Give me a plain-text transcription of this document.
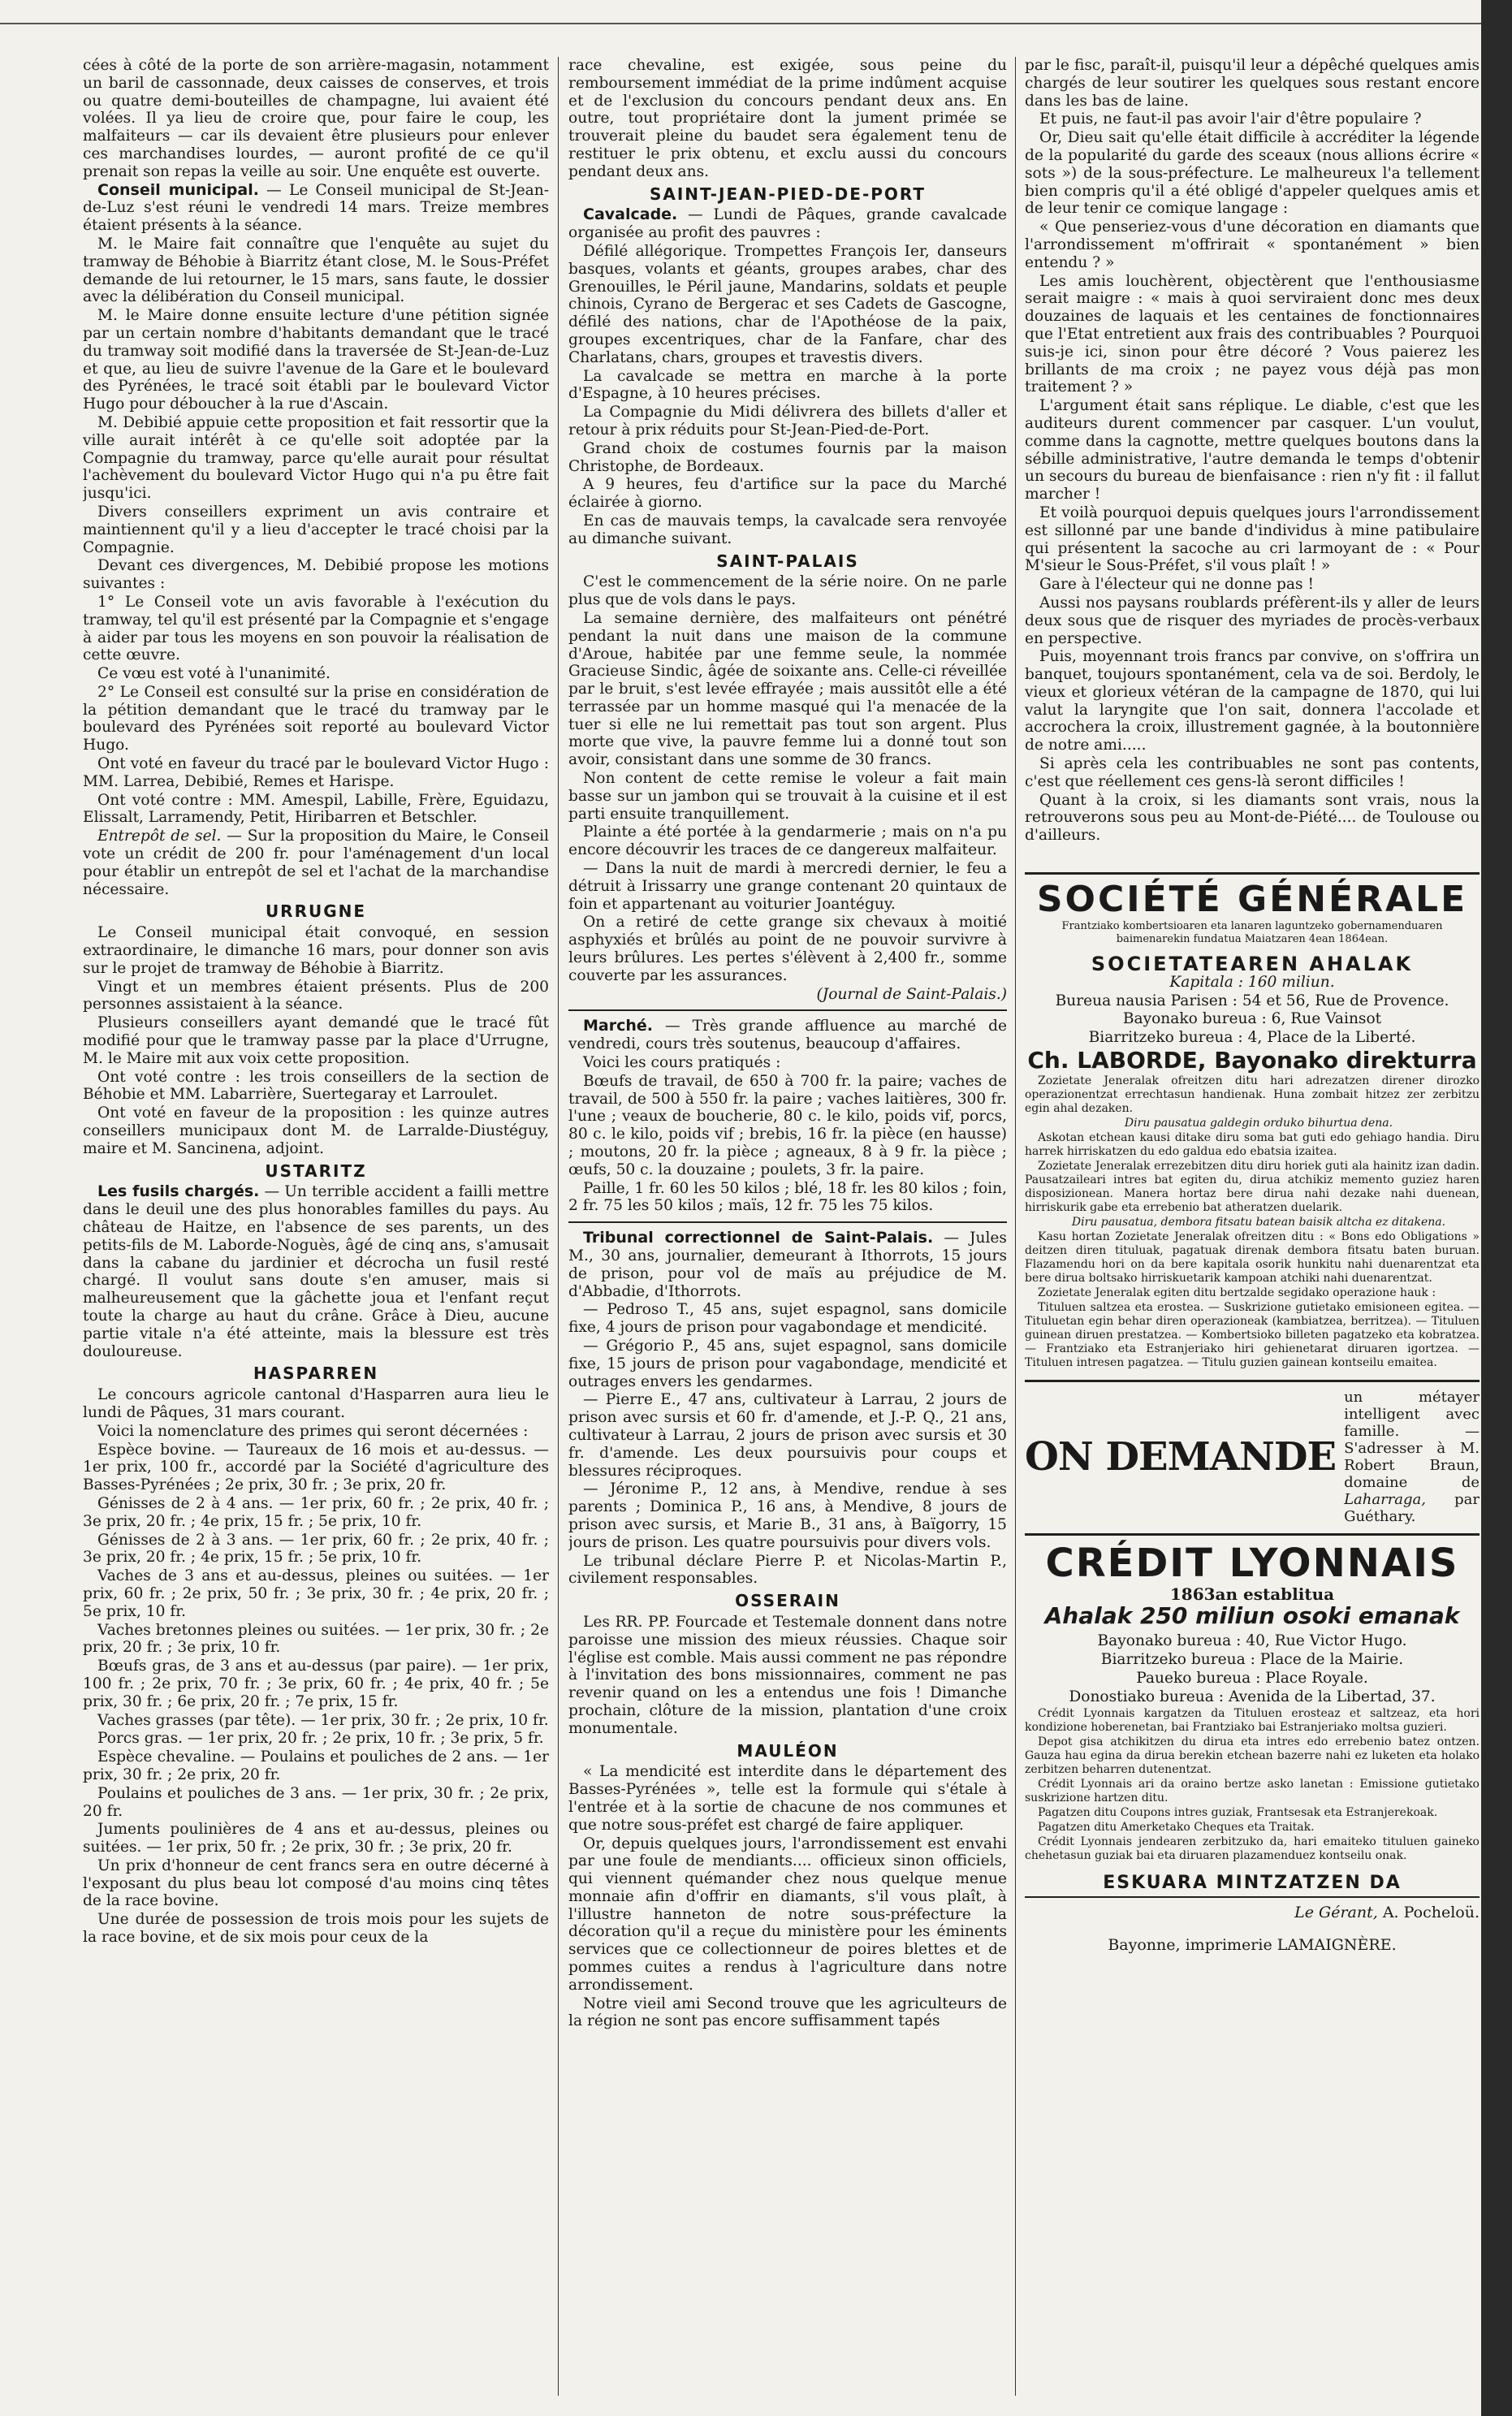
cées à côté de la porte de son arrière-magasin, notamment un baril de cassonnade, deux caisses de conserves, et trois ou quatre demi-bouteilles de champagne, lui avaient été volées. Il ya lieu de croire que, pour faire le coup, les malfaiteurs — car ils devaient être plusieurs pour enlever ces marchandises lourdes, — auront profité de ce qu'il prenait son repas la veille au soir. Une enquête est ouverte.

Conseil municipal. — Le Conseil municipal de St-Jean-de-Luz s'est réuni le vendredi 14 mars. Treize membres étaient présents à la séance.

M. le Maire fait connaître que l'enquête au sujet du tramway de Béhobie à Biarritz étant close, M. le Sous-Préfet demande de lui retourner, le 15 mars, sans faute, le dossier avec la délibération du Conseil municipal.

M. le Maire donne ensuite lecture d'une pétition signée par un certain nombre d'habitants demandant que le tracé du tramway soit modifié dans la traversée de St-Jean-de-Luz et que, au lieu de suivre l'avenue de la Gare et le boulevard des Pyrénées, le tracé soit établi par le boulevard Victor Hugo pour déboucher à la rue d'Ascain.

M. Debibié appuie cette proposition et fait ressortir que la ville aurait intérêt à ce qu'elle soit adoptée par la Compagnie du tramway, parce qu'elle aurait pour résultat l'achèvement du boulevard Victor Hugo qui n'a pu être fait jusqu'ici.

Divers conseillers expriment un avis contraire et maintiennent qu'il y a lieu d'accepter le tracé choisi par la Compagnie.

Devant ces divergences, M. Debibié propose les motions suivantes :

1° Le Conseil vote un avis favorable à l'exécution du tramway, tel qu'il est présenté par la Compagnie et s'engage à aider par tous les moyens en son pouvoir la réalisation de cette œuvre.

Ce vœu est voté à l'unanimité.

2° Le Conseil est consulté sur la prise en considération de la pétition demandant que le tracé du tramway par le boulevard des Pyrénées soit reporté au boulevard Victor Hugo.

Ont voté en faveur du tracé par le boulevard Victor Hugo : MM. Larrea, Debibié, Remes et Harispe.

Ont voté contre : MM. Amespil, Labille, Frère, Eguidazu, Elissalt, Larramendy, Petit, Hiribarren et Betschler.

Entrepôt de sel. — Sur la proposition du Maire, le Conseil vote un crédit de 200 fr. pour l'aménagement d'un local pour établir un entrepôt de sel et l'achat de la marchandise nécessaire.

URRUGNE

Le Conseil municipal était convoqué, en session extraordinaire, le dimanche 16 mars, pour donner son avis sur le projet de tramway de Béhobie à Biarritz.

Vingt et un membres étaient présents. Plus de 200 personnes assistaient à la séance.

Plusieurs conseillers ayant demandé que le tracé fût modifié pour que le tramway passe par la place d'Urrugne, M. le Maire mit aux voix cette proposition.

Ont voté contre : les trois conseillers de la section de Béhobie et MM. Labarrière, Suertegaray et Larroulet.

Ont voté en faveur de la proposition : les quinze autres conseillers municipaux dont M. de Larralde-Diustéguy, maire et M. Sancinena, adjoint.

USTARITZ

Les fusils chargés. — Un terrible accident a failli mettre dans le deuil une des plus honorables familles du pays. Au château de Haitze, en l'absence de ses parents, un des petits-fils de M. Laborde-Noguès, âgé de cinq ans, s'amusait dans la cabane du jardinier et décrocha un fusil resté chargé. Il voulut sans doute s'en amuser, mais si malheureusement que la gâchette joua et l'enfant reçut toute la charge au haut du crâne. Grâce à Dieu, aucune partie vitale n'a été atteinte, mais la blessure est très douloureuse.

HASPARREN

Le concours agricole cantonal d'Hasparren aura lieu le lundi de Pâques, 31 mars courant.

Voici la nomenclature des primes qui seront décernées :

Espèce bovine. — Taureaux de 16 mois et au-dessus. — 1er prix, 100 fr., accordé par la Société d'agriculture des Basses-Pyrénées ; 2e prix, 30 fr. ; 3e prix, 20 fr.

Génisses de 2 à 4 ans. — 1er prix, 60 fr. ; 2e prix, 40 fr. ; 3e prix, 20 fr. ; 4e prix, 15 fr. ; 5e prix, 10 fr.

Génisses de 2 à 3 ans. — 1er prix, 60 fr. ; 2e prix, 40 fr. ; 3e prix, 20 fr. ; 4e prix, 15 fr. ; 5e prix, 10 fr.

Vaches de 3 ans et au-dessus, pleines ou suitées. — 1er prix, 60 fr. ; 2e prix, 50 fr. ; 3e prix, 30 fr. ; 4e prix, 20 fr. ; 5e prix, 10 fr.

Vaches bretonnes pleines ou suitées. — 1er prix, 30 fr. ; 2e prix, 20 fr. ; 3e prix, 10 fr.

Bœufs gras, de 3 ans et au-dessus (par paire). — 1er prix, 100 fr. ; 2e prix, 70 fr. ; 3e prix, 60 fr. ; 4e prix, 40 fr. ; 5e prix, 30 fr. ; 6e prix, 20 fr. ; 7e prix, 15 fr.

Vaches grasses (par tête). — 1er prix, 30 fr. ; 2e prix, 10 fr.

Porcs gras. — 1er prix, 20 fr. ; 2e prix, 10 fr. ; 3e prix, 5 fr.

Espèce chevaline. — Poulains et pouliches de 2 ans. — 1er prix, 30 fr. ; 2e prix, 20 fr.

Poulains et pouliches de 3 ans. — 1er prix, 30 fr. ; 2e prix, 20 fr.

Juments poulinières de 4 ans et au-dessus, pleines ou suitées. — 1er prix, 50 fr. ; 2e prix, 30 fr. ; 3e prix, 20 fr.

Un prix d'honneur de cent francs sera en outre décerné à l'exposant du plus beau lot composé d'au moins cinq têtes de la race bovine.

Une durée de possession de trois mois pour les sujets de la race bovine, et de six mois pour ceux de la

race chevaline, est exigée, sous peine du remboursement immédiat de la prime indûment acquise et de l'exclusion du concours pendant deux ans. En outre, tout propriétaire dont la jument primée se trouverait pleine du baudet sera également tenu de restituer le prix obtenu, et exclu aussi du concours pendant deux ans.

SAINT-JEAN-PIED-DE-PORT

Cavalcade. — Lundi de Pâques, grande cavalcade organisée au profit des pauvres :

Défilé allégorique. Trompettes François Ier, danseurs basques, volants et géants, groupes arabes, char des Grenouilles, le Péril jaune, Mandarins, soldats et peuple chinois, Cyrano de Bergerac et ses Cadets de Gascogne, défilé des nations, char de l'Apothéose de la paix, groupes excentriques, char de la Fanfare, char des Charlatans, chars, groupes et travestis divers.

La cavalcade se mettra en marche à la porte d'Espagne, à 10 heures précises.

La Compagnie du Midi délivrera des billets d'aller et retour à prix réduits pour St-Jean-Pied-de-Port.

Grand choix de costumes fournis par la maison Christophe, de Bordeaux.

A 9 heures, feu d'artifice sur la pace du Marché éclairée à giorno.

En cas de mauvais temps, la cavalcade sera renvoyée au dimanche suivant.

SAINT-PALAIS

C'est le commencement de la série noire. On ne parle plus que de vols dans le pays.

La semaine dernière, des malfaiteurs ont pénétré pendant la nuit dans une maison de la commune d'Aroue, habitée par une femme seule, la nommée Gracieuse Sindic, âgée de soixante ans. Celle-ci réveillée par le bruit, s'est levée effrayée ; mais aussitôt elle a été terrassée par un homme masqué qui l'a menacée de la tuer si elle ne lui remettait pas tout son argent. Plus morte que vive, la pauvre femme lui a donné tout son avoir, consistant dans une somme de 30 francs.

Non content de cette remise le voleur a fait main basse sur un jambon qui se trouvait à la cuisine et il est parti ensuite tranquillement.

Plainte a été portée à la gendarmerie ; mais on n'a pu encore découvrir les traces de ce dangereux malfaiteur.

— Dans la nuit de mardi à mercredi dernier, le feu a détruit à Irissarry une grange contenant 20 quintaux de foin et appartenant au voiturier Joantéguy.

On a retiré de cette grange six chevaux à moitié asphyxiés et brûlés au point de ne pouvoir survivre à leurs brûlures. Les pertes s'élèvent à 2,400 fr., somme couverte par les assurances.

(Journal de Saint-Palais.)

Marché. — Très grande affluence au marché de vendredi, cours très soutenus, beaucoup d'affaires.

Voici les cours pratiqués :

Bœufs de travail, de 650 à 700 fr. la paire; vaches de travail, de 500 à 550 fr. la paire ; vaches laitières, 300 fr. l'une ; veaux de boucherie, 80 c. le kilo, poids vif, porcs, 80 c. le kilo, poids vif ; brebis, 16 fr. la pièce (en hausse) ; moutons, 20 fr. la pièce ; agneaux, 8 à 9 fr. la pièce ; œufs, 50 c. la douzaine ; poulets, 3 fr. la paire.

Paille, 1 fr. 60 les 50 kilos ; blé, 18 fr. les 80 kilos ; foin, 2 fr. 75 les 50 kilos ; maïs, 12 fr. 75 les 75 kilos.

Tribunal correctionnel de Saint-Palais. — Jules M., 30 ans, journalier, demeurant à Ithorrots, 15 jours de prison, pour vol de maïs au préjudice de M. d'Abbadie, d'Ithorrots.

— Pedroso T., 45 ans, sujet espagnol, sans domicile fixe, 4 jours de prison pour vagabondage et mendicité.

— Grégorio P., 45 ans, sujet espagnol, sans domicile fixe, 15 jours de prison pour vagabondage, mendicité et outrages envers les gendarmes.

— Pierre E., 47 ans, cultivateur à Larrau, 2 jours de prison avec sursis et 60 fr. d'amende, et J.-P. Q., 21 ans, cultivateur à Larrau, 2 jours de prison avec sursis et 30 fr. d'amende. Les deux poursuivis pour coups et blessures réciproques.

— Jéronime P., 12 ans, à Mendive, rendue à ses parents ; Dominica P., 16 ans, à Mendive, 8 jours de prison avec sursis, et Marie B., 31 ans, à Baïgorry, 15 jours de prison. Les quatre poursuivis pour divers vols.

Le tribunal déclare Pierre P. et Nicolas-Martin P., civilement responsables.

OSSERAIN

Les RR. PP. Fourcade et Testemale donnent dans notre paroisse une mission des mieux réussies. Chaque soir l'église est comble. Mais aussi comment ne pas répondre à l'invitation des bons missionnaires, comment ne pas revenir quand on les a entendus une fois ! Dimanche prochain, clôture de la mission, plantation d'une croix monumentale.

MAULÉON

« La mendicité est interdite dans le département des Basses-Pyrénées », telle est la formule qui s'étale à l'entrée et à la sortie de chacune de nos communes et que notre sous-préfet est chargé de faire appliquer.

Or, depuis quelques jours, l'arrondissement est envahi par une foule de mendiants.... officieux sinon officiels, qui viennent quémander chez nous quelque menue monnaie afin d'offrir en diamants, s'il vous plaît, à l'illustre hanneton de notre sous-préfecture la décoration qu'il a reçue du ministère pour les éminents services que ce collectionneur de poires blettes et de pommes cuites a rendus à l'agriculture dans notre arrondissement.

Notre vieil ami Second trouve que les agriculteurs de la région ne sont pas encore suffisamment tapés

par le fisc, paraît-il, puisqu'il leur a dépêché quelques amis chargés de leur soutirer les quelques sous restant encore dans les bas de laine.

Et puis, ne faut-il pas avoir l'air d'être populaire ?

Or, Dieu sait qu'elle était difficile à accréditer la légende de la popularité du garde des sceaux (nous allions écrire « sots ») de la sous-préfecture. Le malheureux l'a tellement bien compris qu'il a été obligé d'appeler quelques amis et de leur tenir ce comique langage :

« Que penseriez-vous d'une décoration en diamants que l'arrondissement m'offrirait « spontanément » bien entendu ? »

Les amis louchèrent, objectèrent que l'enthousiasme serait maigre : « mais à quoi serviraient donc mes deux douzaines de laquais et les centaines de fonctionnaires que l'Etat entretient aux frais des contribuables ? Pourquoi suis-je ici, sinon pour être décoré ? Vous paierez les brillants de ma croix ; ne payez vous déjà pas mon traitement ? »

L'argument était sans réplique. Le diable, c'est que les auditeurs durent commencer par casquer. L'un voulut, comme dans la cagnotte, mettre quelques boutons dans la sébille administrative, l'autre demanda le temps d'obtenir un secours du bureau de bienfaisance : rien n'y fit : il fallut marcher !

Et voilà pourquoi depuis quelques jours l'arrondissement est sillonné par une bande d'individus à mine patibulaire qui présentent la sacoche au cri larmoyant de : « Pour M'sieur le Sous-Préfet, s'il vous plaît ! »

Gare à l'électeur qui ne donne pas !

Aussi nos paysans roublards préfèrent-ils y aller de leurs deux sous que de risquer des myriades de procès-verbaux en perspective.

Puis, moyennant trois francs par convive, on s'offrira un banquet, toujours spontanément, cela va de soi. Berdoly, le vieux et glorieux vétéran de la campagne de 1870, qui lui valut la laryngite que l'on sait, donnera l'accolade et accrochera la croix, illustrement gagnée, à la boutonnière de notre ami.....

Si après cela les contribuables ne sont pas contents, c'est que réellement ces gens-là seront difficiles !

Quant à la croix, si les diamants sont vrais, nous la retrouverons sous peu au Mont-de-Piété.... de Toulouse ou d'ailleurs.

SOCIÉTÉ GÉNÉRALE
Frantziako kombertsioaren eta lanaren laguntzeko gobernamenduaren baimenarekin fundatua Maiatzaren 4ean 1864ean.
SOCIETATEAREN AHALAK

Kapitala : 160 miliun.

Bureua nausia Parisen : 54 et 56, Rue de Provence.

Bayonako bureua : 6, Rue Vainsot

Biarritzeko bureua : 4, Place de la Liberté.

Ch. LABORDE, Bayonako direkturra

Zozietate Jeneralak ofreitzen ditu hari adrezatzen direner dirozko operazionentzat errechtasun handienak. Huna zombait hitzez zer zerbitzu egin ahal dezaken.

Diru pausatua galdegin orduko bihurtua dena.

Askotan etchean kausi ditake diru soma bat guti edo gehiago handia. Diru harrek hirriskatzen du edo galdua edo ebatsia izaitea.

Zozietate Jeneralak errezebitzen ditu diru horiek guti ala hainitz izan dadin. Pausatzaileari intres bat egiten du, dirua atchikiz memento guziez haren disposizionean. Manera hortaz bere dirua nahi dezake nahi duenean, hirriskurik gabe eta errebenio bat atheratzen duelarik.

Diru pausatua, dembora fitsatu batean baisik altcha ez ditakena.

Kasu hortan Zozietate Jeneralak ofreitzen ditu : « Bons edo Obligations » deitzen diren tituluak, pagatuak direnak dembora fitsatu baten buruan. Flazamendu hori on da bere kapitala osorik hunkitu nahi duenarentzat eta bere dirua boltsako hirriskuetarik kampoan atchiki nahi duenarentzat.

Zozietate Jeneralak egiten ditu bertzalde segidako operazione hauk :

Tituluen saltzea eta erostea. — Suskrizione gutietako emisioneen egitea. — Tituluetan egin behar diren operazioneak (kambiatzea, berritzea). — Tituluen guinean diruen prestatzea. — Kombertsioko billeten pagatzeko eta kobratzea. — Frantziako eta Estranjeriako hiri gehienetarat diruaren igortzea. — Tituluen intresen pagatzea. — Titulu guzien gainean kontseilu emaitea.

ON DEMANDE
un métayer intelligent avec famille. — S'adresser à M. Robert Braun, domaine de Laharraga, par Guéthary.
CRÉDIT LYONNAIS
1863an establitua
Ahalak 250 miliun osoki emanak

Bayonako bureua : 40, Rue Victor Hugo.

Biarritzeko bureua : Place de la Mairie.

Paueko bureua : Place Royale.

Donostiako bureua : Avenida de la Libertad, 37.

Crédit Lyonnais kargatzen da Tituluen erosteaz et saltzeaz, eta hori kondizione hoberenetan, bai Frantziako bai Estranjeriako moltsa guzieri.

Depot gisa atchikitzen du dirua eta intres edo errebenio batez ontzen. Gauza hau egina da dirua berekin etchean bazerre nahi ez luketen eta holako zerbitzen beharren dutenentzat.

Crédit Lyonnais ari da oraino bertze asko lanetan : Emissione gutietako suskrizione hartzen ditu.

Pagatzen ditu Coupons intres guziak, Frantsesak eta Estranjerekoak.

Pagatzen ditu Amerketako Cheques eta Traitak.

Crédit Lyonnais jendearen zerbitzuko da, hari emaiteko tituluen gaineko chehetasun guziak bai eta diruaren plazamenduez kontseilu onak.

ESKUARA MINTZATZEN DA
Le Gérant, A. Pocheloü.
Bayonne, imprimerie LAMAIGNÈRE.
